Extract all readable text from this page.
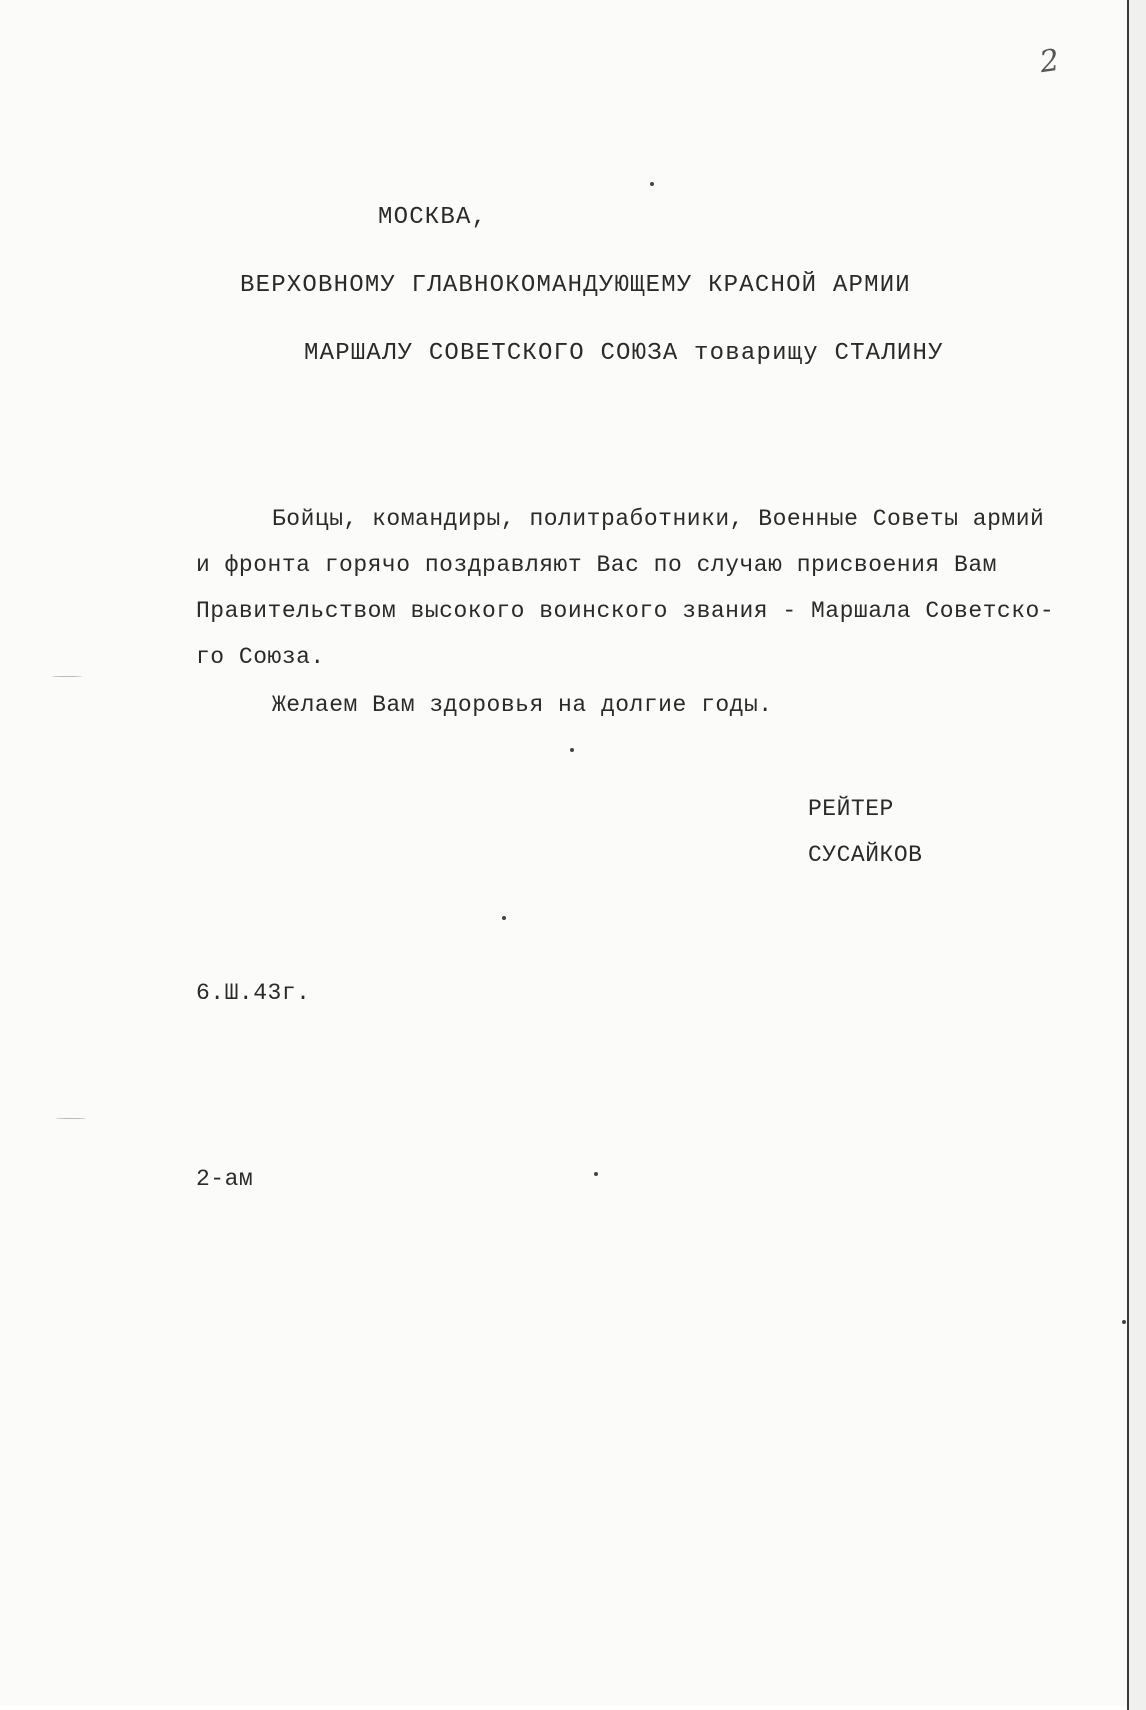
2
МОСКВА,
ВЕРХОВНОМУ ГЛАВНОКОМАНДУЮЩЕМУ КРАСНОЙ АРМИИ
МАРШАЛУ СОВЕТСКОГО СОЮЗА товарищу СТАЛИНУ
Бойцы, командиры, политработники, Военные Советы армий
и фронта горячо поздравляют Вас по случаю присвоения Вам
Правительством высокого воинского звания - Маршала Советско-
го Союза.
Желаем Вам здоровья на долгие годы.
РЕЙТЕР
СУСАЙКОВ
6.Ш.43г.
2-ам
